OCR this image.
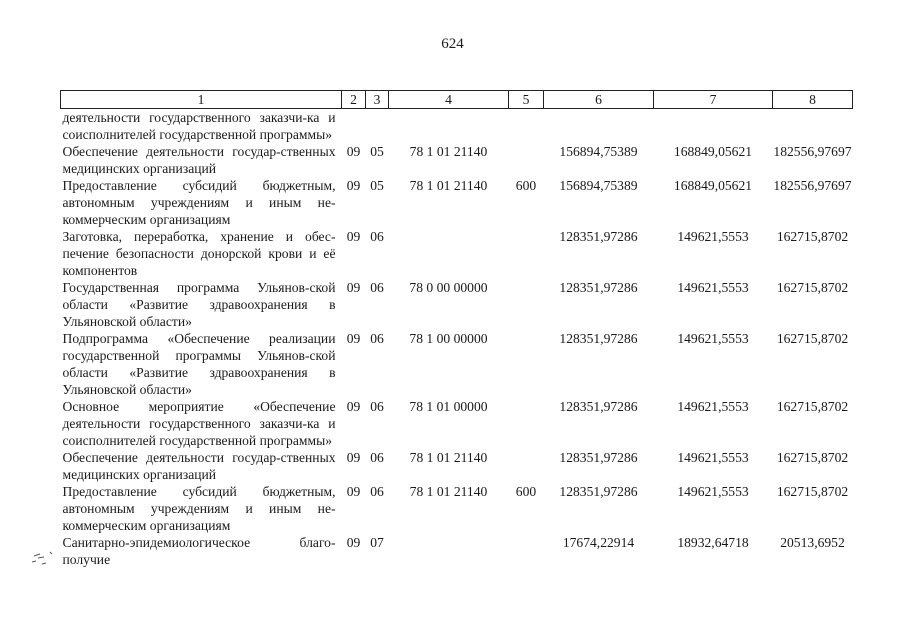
624
1	2	3	4	5	6	7	8
деятельности государственного заказчи-ка и соисполнителей государственной программы»							
Обеспечение деятельности государ-ственных медицинских организаций	09	05	78 1 01 21140		156894,75389	168849,05621	182556,97697
Предоставление субсидий бюджетным, автономным учреждениям и иным не-коммерческим организациям	09	05	78 1 01 21140	600	156894,75389	168849,05621	182556,97697
Заготовка, переработка, хранение и обес-печение безопасности донорской крови и её компонентов	09	06			128351,97286	149621,5553	162715,8702
Государственная программа Ульянов-ской области «Развитие здравоохранения в Ульяновской области»	09	06	78 0 00 00000		128351,97286	149621,5553	162715,8702
Подпрограмма «Обеспечение реализации государственной программы Ульянов-ской области «Развитие здравоохранения в Ульяновской области»	09	06	78 1 00 00000		128351,97286	149621,5553	162715,8702
Основное мероприятие «Обеспечение деятельности государственного заказчи-ка и соисполнителей государственной программы»	09	06	78 1 01 00000		128351,97286	149621,5553	162715,8702
Обеспечение деятельности государ-ственных медицинских организаций	09	06	78 1 01 21140		128351,97286	149621,5553	162715,8702
Предоставление субсидий бюджетным, автономным учреждениям и иным не-коммерческим организациям	09	06	78 1 01 21140	600	128351,97286	149621,5553	162715,8702
Санитарно-эпидемиологическое благо-получие	09	07			17674,22914	18932,64718	20513,6952
